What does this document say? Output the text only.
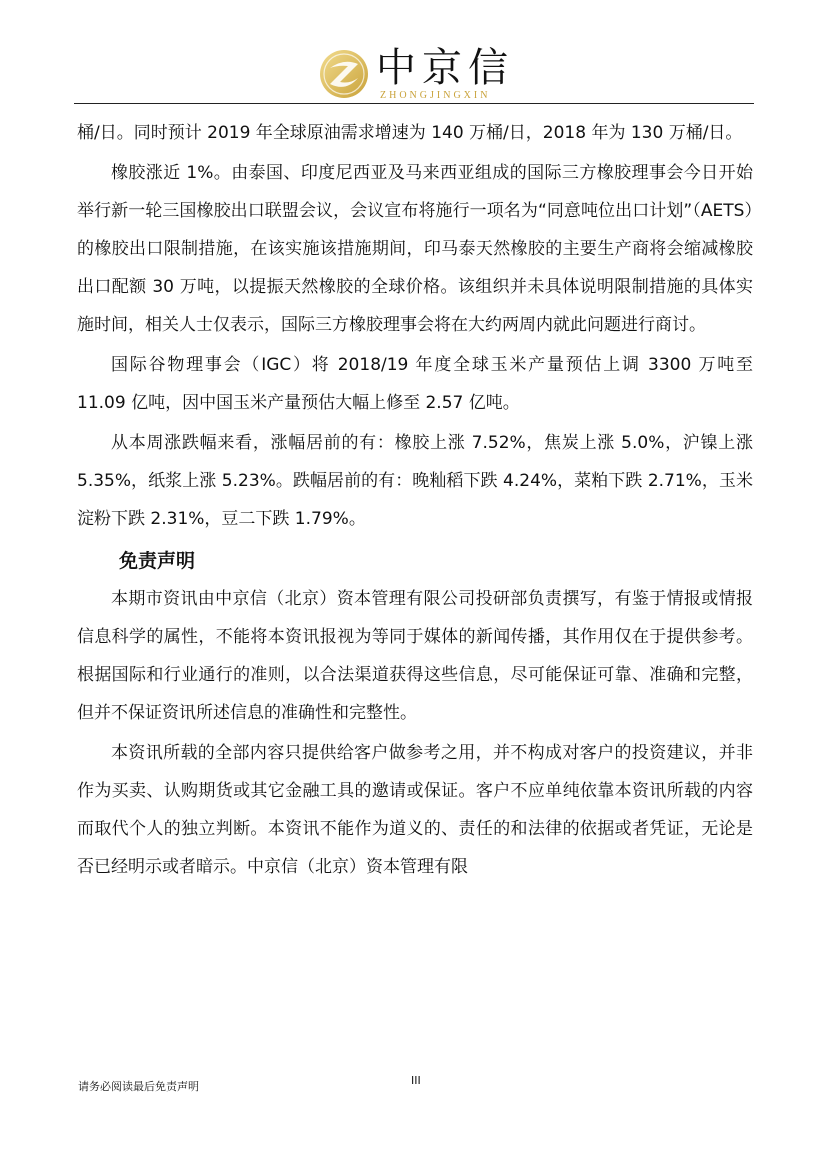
中京信
ZHONGJINGXIN

桶/日。同时预计 2019 年全球原油需求增速为 140 万桶/日，2018 年为 130 万桶/日。

橡胶涨近 1%。由泰国、印度尼西亚及马来西亚组成的国际三方橡胶理事会今日开始举行新一轮三国橡胶出口联盟会议，会议宣布将施行一项名为“同意吨位出口计划”（AETS）的橡胶出口限制措施，在该实施该措施期间，印马泰天然橡胶的主要生产商将会缩减橡胶出口配额 30 万吨，以提振天然橡胶的全球价格。该组织并未具体说明限制措施的具体实施时间，相关人士仅表示，国际三方橡胶理事会将在大约两周内就此问题进行商讨。

国际谷物理事会（IGC）将 2018/19 年度全球玉米产量预估上调 3300 万吨至 11.09 亿吨，因中国玉米产量预估大幅上修至 2.57 亿吨。

从本周涨跌幅来看，涨幅居前的有：橡胶上涨 7.52%，焦炭上涨 5.0%，沪镍上涨 5.35%，纸浆上涨 5.23%。跌幅居前的有：晚籼稻下跌 4.24%，菜粕下跌 2.71%，玉米淀粉下跌 2.31%，豆二下跌 1.79%。

免责声明

本期市资讯由中京信（北京）资本管理有限公司投研部负责撰写，有鉴于情报或情报信息科学的属性，不能将本资讯报视为等同于媒体的新闻传播，其作用仅在于提供参考。根据国际和行业通行的准则，以合法渠道获得这些信息，尽可能保证可靠、准确和完整，但并不保证资讯所述信息的准确性和完整性。

本资讯所载的全部内容只提供给客户做参考之用，并不构成对客户的投资建议，并非作为买卖、认购期货或其它金融工具的邀请或保证。客户不应单纯依靠本资讯所载的内容而取代个人的独立判断。本资讯不能作为道义的、责任的和法律的依据或者凭证，无论是否已经明示或者暗示。中京信（北京）资本管理有限

请务必阅读最后免责声明	III
